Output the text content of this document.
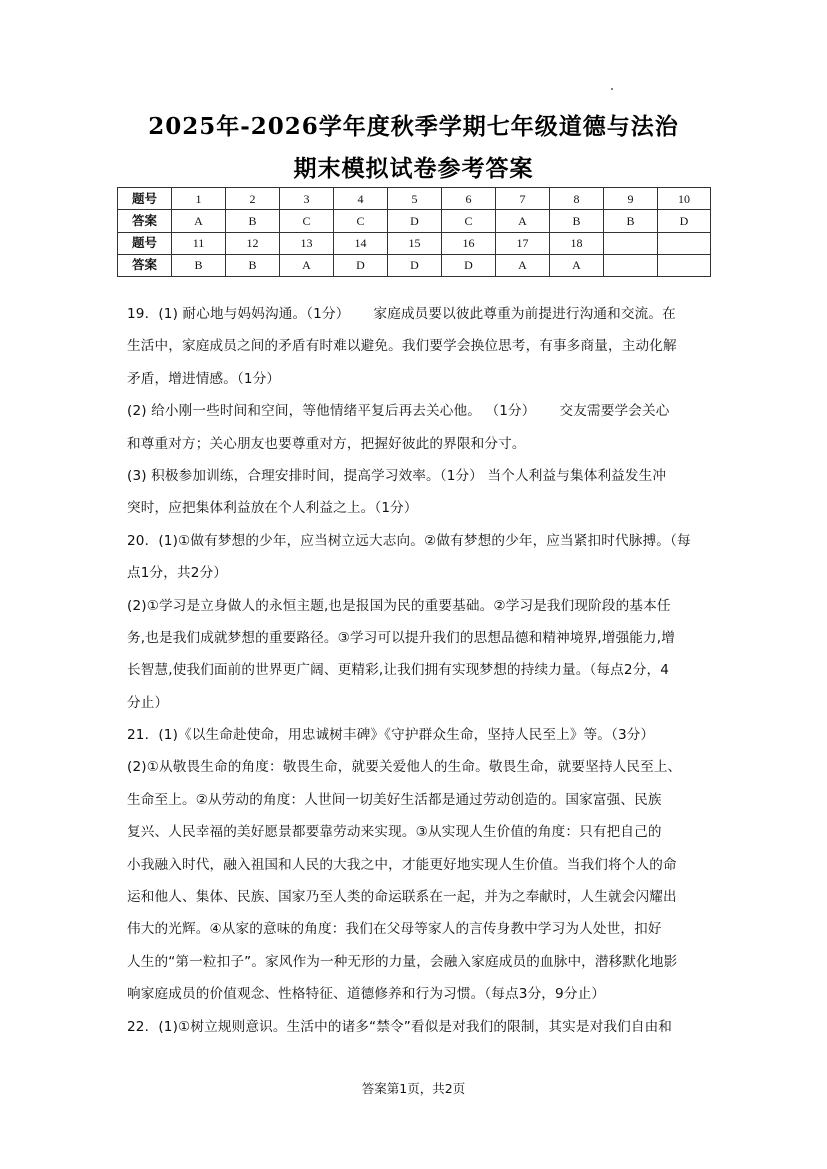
2025年-2026学年度秋季学期七年级道德与法治
期末模拟试卷参考答案
题号	1	2	3	4	5	6	7	8	9	10
答案	A	B	C	C	D	C	A	B	B	D
题号	11	12	13	14	15	16	17	18		
答案	B	B	A	D	D	D	A	A		
19．(1) 耐心地与妈妈沟通。（1分） 家庭成员要以彼此尊重为前提进行沟通和交流。在
生活中，家庭成员之间的矛盾有时难以避免。我们要学会换位思考，有事多商量，主动化解
矛盾，增进情感。（1分）
(2) 给小刚一些时间和空间，等他情绪平复后再去关心他。 （1分） 交友需要学会关心
和尊重对方；关心朋友也要尊重对方，把握好彼此的界限和分寸。
(3) 积极参加训练，合理安排时间，提高学习效率。（1分） 当个人利益与集体利益发生冲
突时，应把集体利益放在个人利益之上。（1分）
20．(1)①做有梦想的少年，应当树立远大志向。②做有梦想的少年，应当紧扣时代脉搏。（每
点1分，共2分）
(2)①学习是立身做人的永恒主题,也是报国为民的重要基础。②学习是我们现阶段的基本任
务,也是我们成就梦想的重要路径。③学习可以提升我们的思想品德和精神境界,增强能力,增
长智慧,使我们面前的世界更广阔、更精彩,让我们拥有实现梦想的持续力量。（每点2分，4
分止）
21．(1)《以生命赴使命，用忠诚树丰碑》《守护群众生命，坚持人民至上》等。（3分）
(2)①从敬畏生命的角度：敬畏生命，就要关爱他人的生命。敬畏生命，就要坚持人民至上、
生命至上。②从劳动的角度：人世间一切美好生活都是通过劳动创造的。国家富强、民族
复兴、人民幸福的美好愿景都要靠劳动来实现。③从实现人生价值的角度：只有把自己的
小我融入时代，融入祖国和人民的大我之中，才能更好地实现人生价值。当我们将个人的命
运和他人、集体、民族、国家乃至人类的命运联系在一起，并为之奉献时，人生就会闪耀出
伟大的光辉。④从家的意味的角度：我们在父母等家人的言传身教中学习为人处世，扣好
人生的“第一粒扣子”。家风作为一种无形的力量，会融入家庭成员的血脉中，潜移默化地影
响家庭成员的价值观念、性格特征、道德修养和行为习惯。（每点3分，9分止）
22．(1)①树立规则意识。生活中的诸多“禁令”看似是对我们的限制，其实是对我们自由和
答案第1页，共2页
